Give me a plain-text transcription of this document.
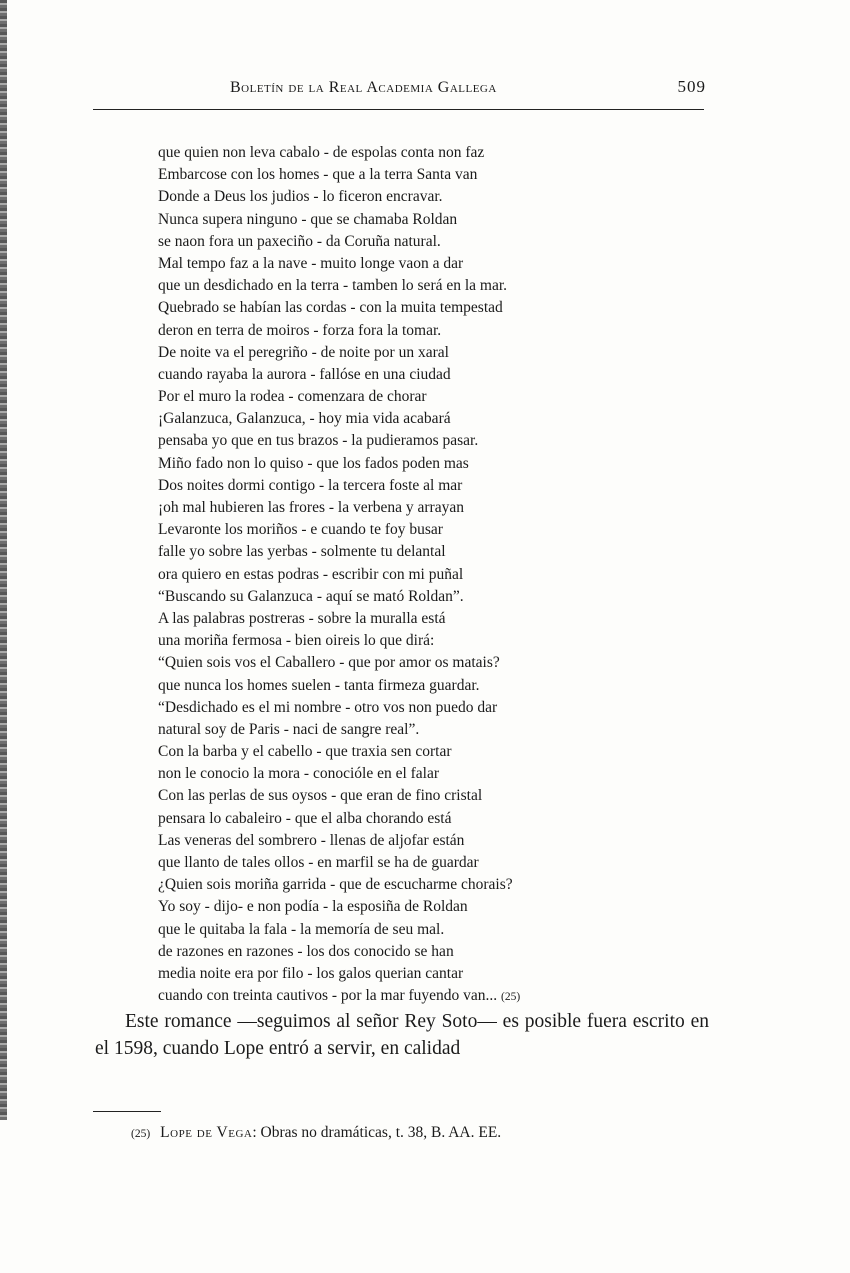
Boletín de la Real Academia Gallega	509
que quien non leva cabalo - de espolas conta non faz
Embarcose con los homes - que a la terra Santa van
Donde a Deus los judios - lo ficeron encravar.
Nunca supera ninguno - que se chamaba Roldan
se naon fora un paxeciño - da Coruña natural.
Mal tempo faz a la nave - muito longe vaon a dar
que un desdichado en la terra - tamben lo será en la mar.
Quebrado se habían las cordas - con la muita tempestad
deron en terra de moiros - forza fora la tomar.
De noite va el peregriño - de noite por un xaral
cuando rayaba la aurora - fallóse en una ciudad
Por el muro la rodea - comenzara de chorar
¡Galanzuca, Galanzuca, - hoy mia vida acabará
pensaba yo que en tus brazos - la pudieramos pasar.
Miño fado non lo quiso - que los fados poden mas
Dos noites dormi contigo - la tercera foste al mar
¡oh mal hubieren las frores - la verbena y arrayan
Levaronte los moriños - e cuando te foy busar
falle yo sobre las yerbas - solmente tu delantal
ora quiero en estas podras - escribir con mi puñal
“Buscando su Galanzuca - aquí se mató Roldan”.
A las palabras postreras - sobre la muralla está
una moriña fermosa - bien oireis lo que dirá:
“Quien sois vos el Caballero - que por amor os matais?
que nunca los homes suelen - tanta firmeza guardar.
“Desdichado es el mi nombre - otro vos non puedo dar
natural soy de Paris - naci de sangre real”.
Con la barba y el cabello - que traxia sen cortar
non le conocio la mora - conocióle en el falar
Con las perlas de sus oysos - que eran de fino cristal
pensara lo cabaleiro - que el alba chorando está
Las veneras del sombrero - llenas de aljofar están
que llanto de tales ollos - en marfil se ha de guardar
¿Quien sois moriña garrida - que de escucharme chorais?
Yo soy - dijo- e non podía - la esposiña de Roldan
que le quitaba la fala - la memoría de seu mal.
de razones en razones - los dos conocido se han
media noite era por filo - los galos querian cantar
cuando con treinta cautivos - por la mar fuyendo van... (25)

Este romance —seguimos al señor Rey Soto— es posible fuera escrito en el 1598, cuando Lope entró a servir, en calidad

(25) Lope de Vega: Obras no dramáticas, t. 38, B. AA. EE.
